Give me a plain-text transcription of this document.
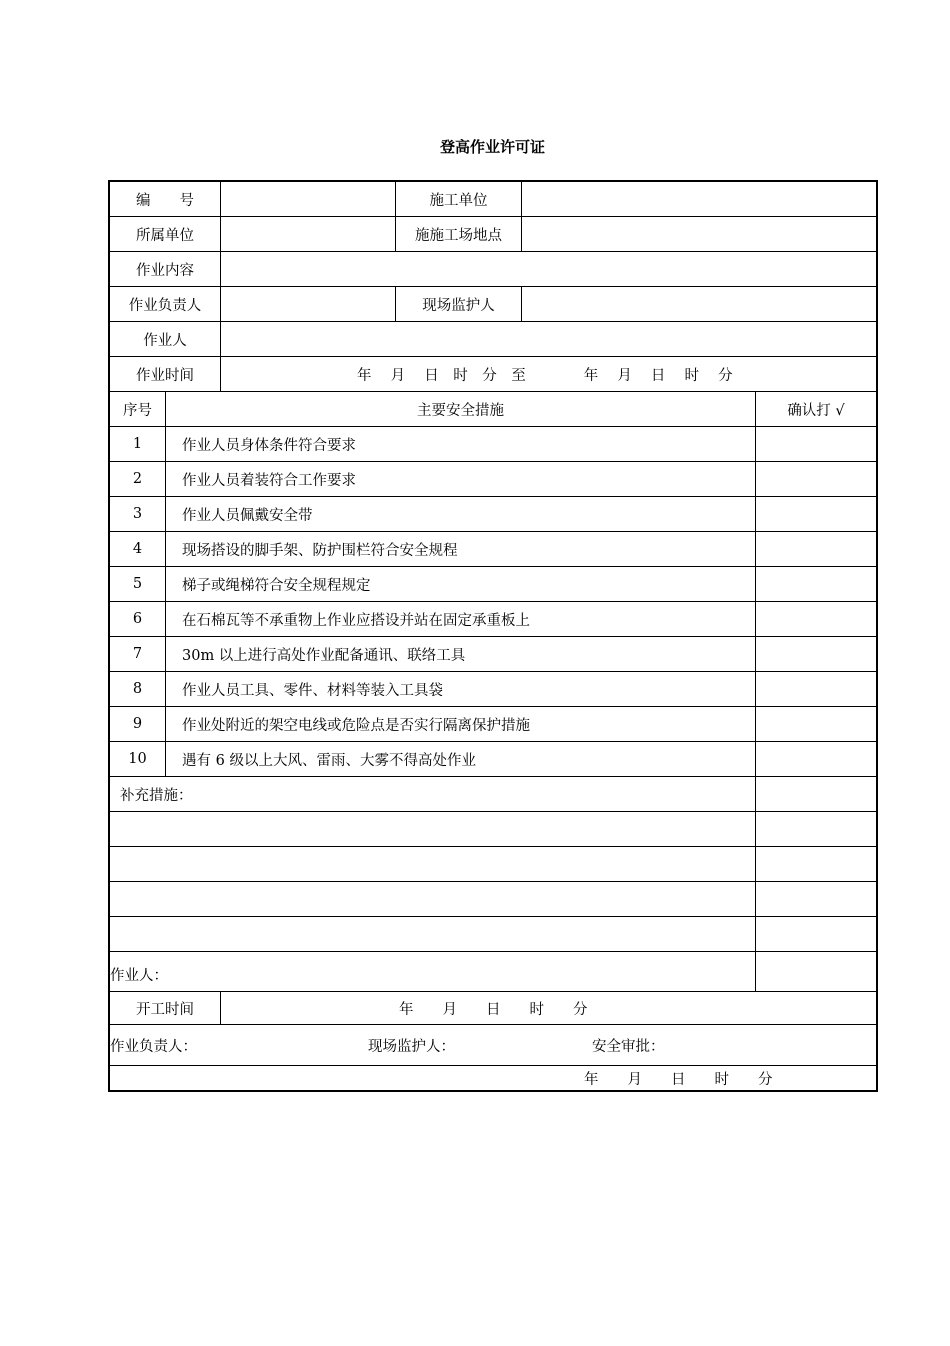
登高作业许可证
编　　号	施工单位
所属单位	施施工场地点
作业内容
作业负责人	现场监护人
作业人
作业时间	年　 月　 日　时　分　至　　　　年　 月　 日　 时　 分
序号	主要安全措施	确认打 √
1	作业人员身体条件符合要求
2	作业人员着装符合工作要求
3	作业人员佩戴安全带
4	现场搭设的脚手架、防护围栏符合安全规程
5	梯子或绳梯符合安全规程规定
6	在石棉瓦等不承重物上作业应搭设并站在固定承重板上
7	30m 以上进行高处作业配备通讯、联络工具
8	作业人员工具、零件、材料等装入工具袋
9	作业处附近的架空电线或危险点是否实行隔离保护措施
10	遇有 6 级以上大风、雷雨、大雾不得高处作业
补充措施：
作业人：
开工时间	年　　月　　日　　时　　分
作业负责人：	现场监护人：	安全审批：
年　　月　　日　　时　　分
